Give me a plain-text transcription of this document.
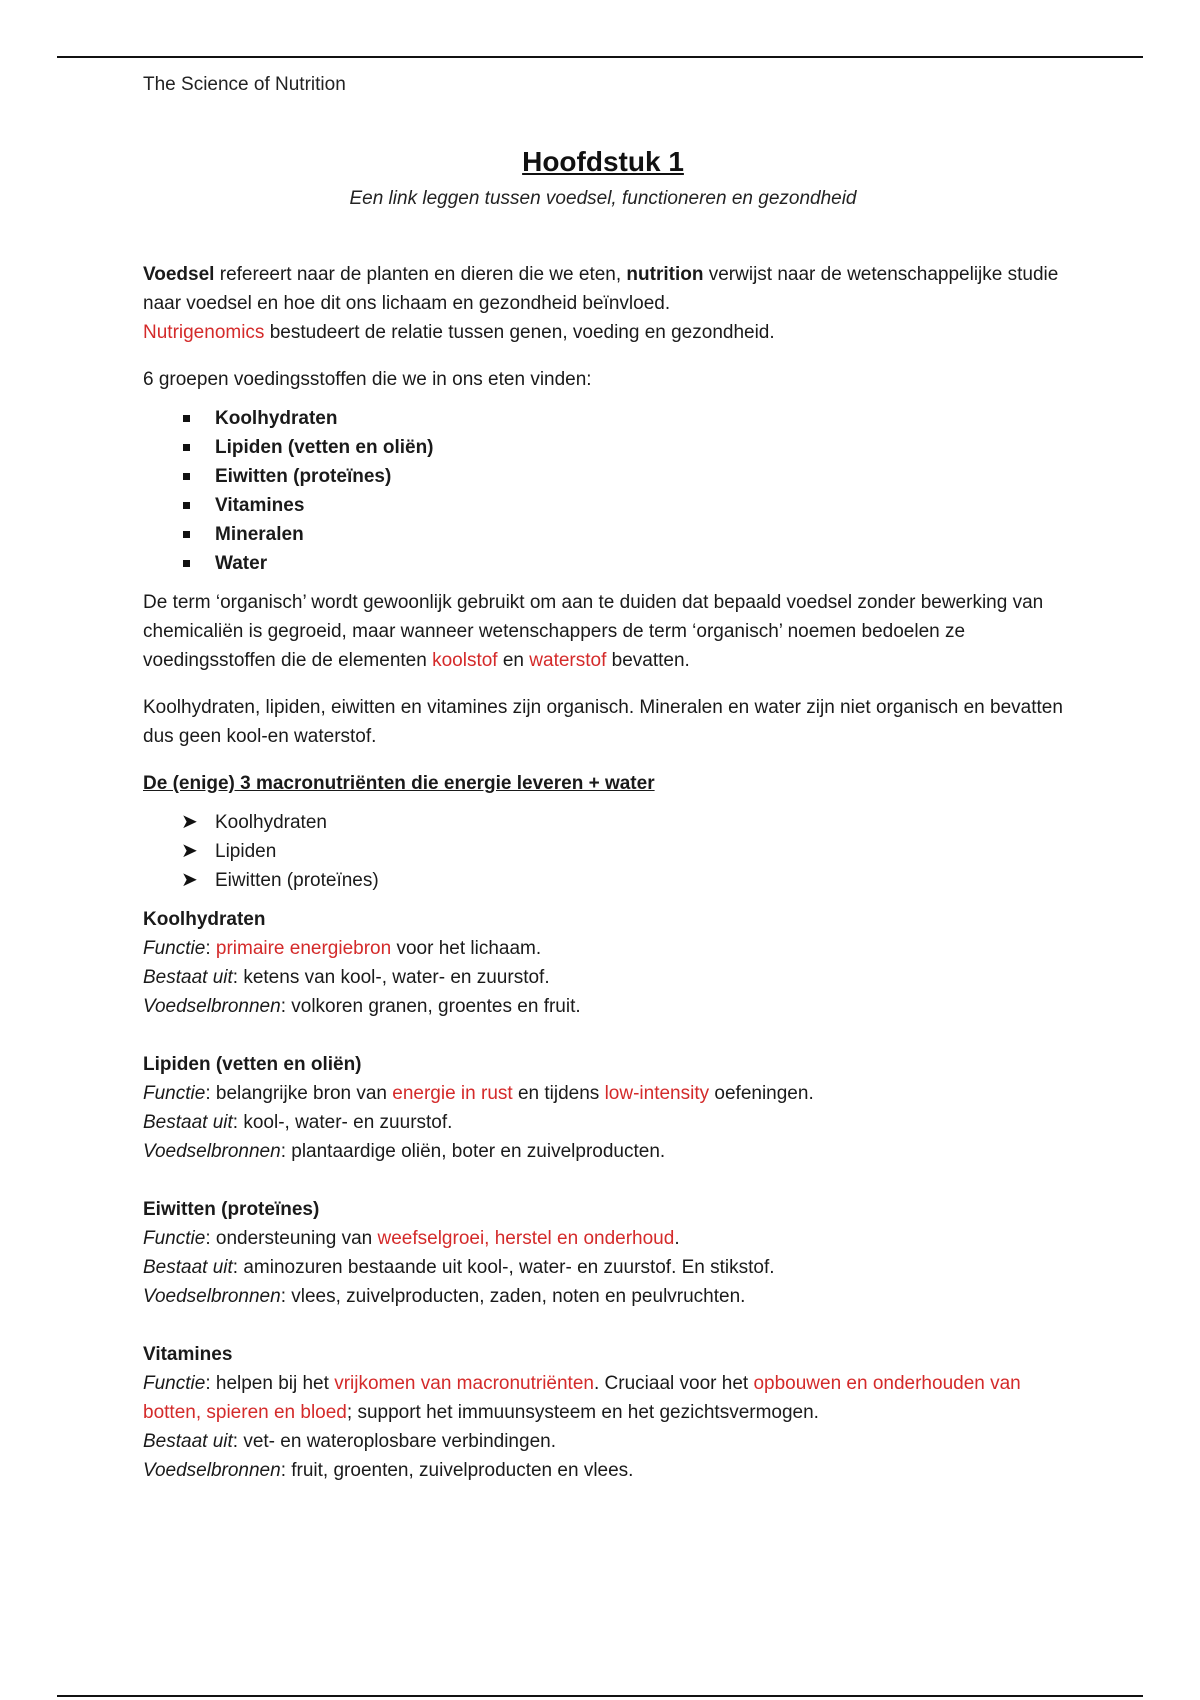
The Science of Nutrition
Hoofdstuk 1
Een link leggen tussen voedsel, functioneren en gezondheid

Voedsel refereert naar de planten en dieren die we eten, nutrition verwijst naar de wetenschappelijke studie naar voedsel en hoe dit ons lichaam en gezondheid beïnvloed.
Nutrigenomics bestudeert de relatie tussen genen, voeding en gezondheid.

6 groepen voedingsstoffen die we in ons eten vinden:

Koolhydraten
Lipiden (vetten en oliën)
Eiwitten (proteïnes)
Vitamines
Mineralen
Water

De term ‘organisch’ wordt gewoonlijk gebruikt om aan te duiden dat bepaald voedsel zonder bewerking van chemicaliën is gegroeid, maar wanneer wetenschappers de term ‘organisch’ noemen bedoelen ze voedingsstoffen die de elementen koolstof en waterstof bevatten.

Koolhydraten, lipiden, eiwitten en vitamines zijn organisch. Mineralen en water zijn niet organisch en bevatten dus geen kool-en waterstof.

De (enige) 3 macronutriënten die energie leveren + water

➤ Koolhydraten
➤ Lipiden
➤ Eiwitten (proteïnes)

Koolhydraten

Functie: primaire energiebron voor het lichaam.

Bestaat uit: ketens van kool-, water- en zuurstof.

Voedselbronnen: volkoren granen, groentes en fruit.

Lipiden (vetten en oliën)

Functie: belangrijke bron van energie in rust en tijdens low-intensity oefeningen.

Bestaat uit: kool-, water- en zuurstof.

Voedselbronnen: plantaardige oliën, boter en zuivelproducten.

Eiwitten (proteïnes)

Functie: ondersteuning van weefselgroei, herstel en onderhoud.

Bestaat uit: aminozuren bestaande uit kool-, water- en zuurstof. En stikstof.

Voedselbronnen: vlees, zuivelproducten, zaden, noten en peulvruchten.

Vitamines

Functie: helpen bij het vrijkomen van macronutriënten. Cruciaal voor het opbouwen en onderhouden van botten, spieren en bloed; support het immuunsysteem en het gezichtsvermogen.

Bestaat uit: vet- en wateroplosbare verbindingen.

Voedselbronnen: fruit, groenten, zuivelproducten en vlees.
